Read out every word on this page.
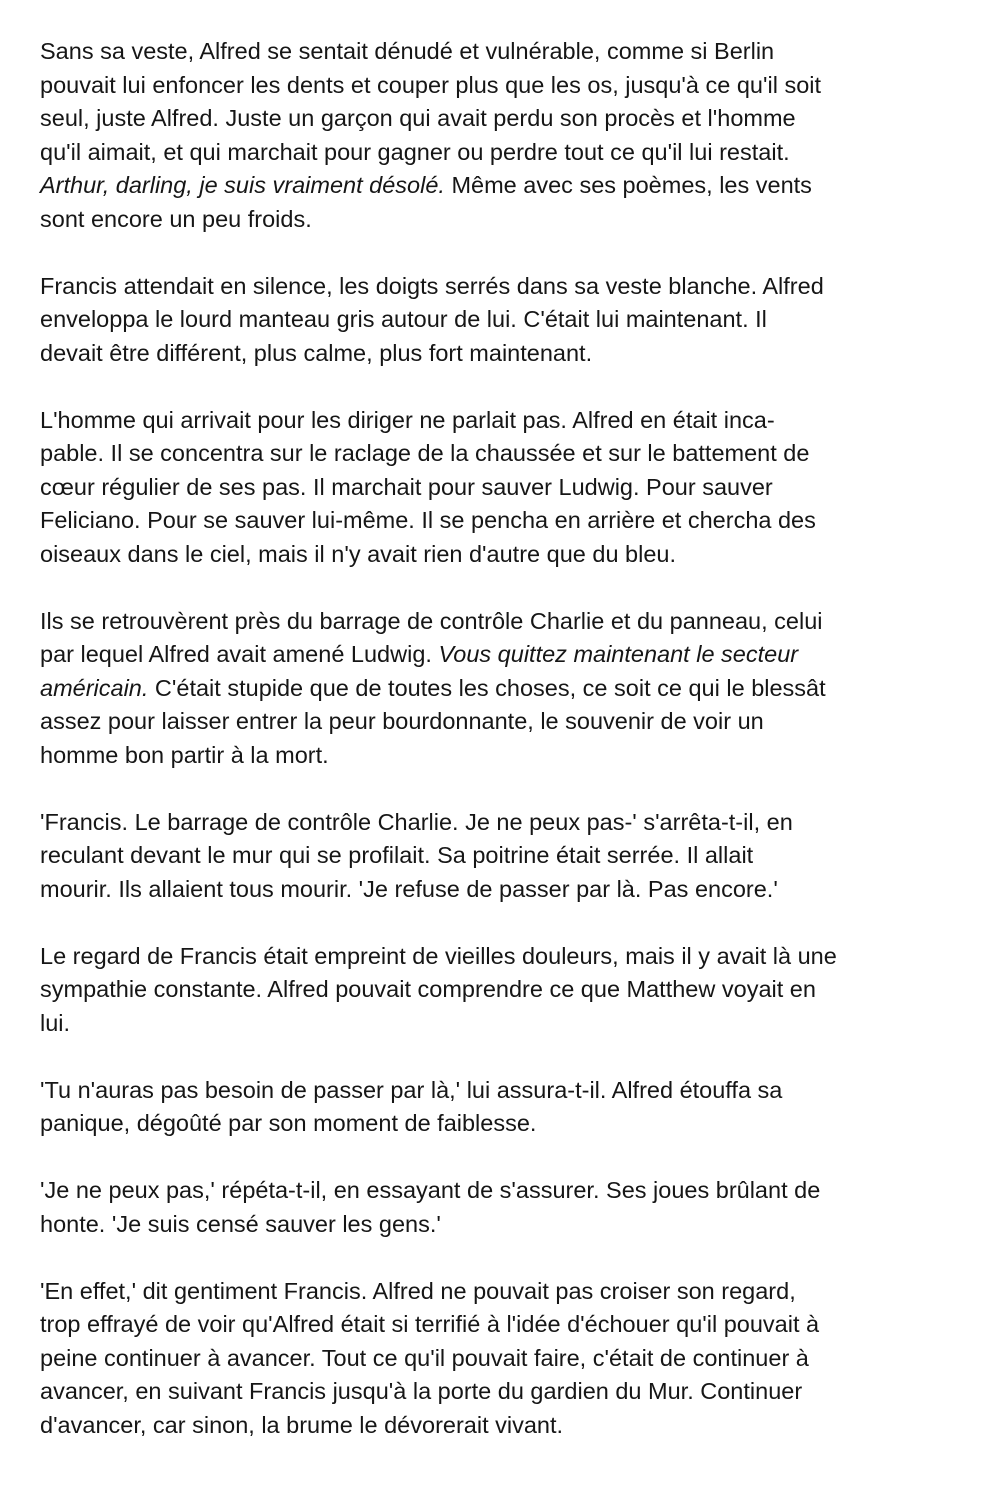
Sans sa veste, Alfred se sentait dénudé et vulnérable, comme si Berlin
pouvait lui enfoncer les dents et couper plus que les os, jusqu'à ce qu'il soit
seul, juste Alfred. Juste un garçon qui avait perdu son procès et l'homme
qu'il aimait, et qui marchait pour gagner ou perdre tout ce qu'il lui restait.
Arthur, darling, je suis vraiment désolé. Même avec ses poèmes, les vents
sont encore un peu froids.
Francis attendait en silence, les doigts serrés dans sa veste blanche. Alfred
enveloppa le lourd manteau gris autour de lui. C'était lui maintenant. Il
devait être différent, plus calme, plus fort maintenant.
L'homme qui arrivait pour les diriger ne parlait pas. Alfred en était inca-
pable. Il se concentra sur le raclage de la chaussée et sur le battement de
cœur régulier de ses pas. Il marchait pour sauver Ludwig. Pour sauver
Feliciano. Pour se sauver lui-même. Il se pencha en arrière et chercha des
oiseaux dans le ciel, mais il n'y avait rien d'autre que du bleu.
Ils se retrouvèrent près du barrage de contrôle Charlie et du panneau, celui
par lequel Alfred avait amené Ludwig. Vous quittez maintenant le secteur
américain. C'était stupide que de toutes les choses, ce soit ce qui le blessât
assez pour laisser entrer la peur bourdonnante, le souvenir de voir un
homme bon partir à la mort.
'Francis. Le barrage de contrôle Charlie. Je ne peux pas-' s'arrêta-t-il, en
reculant devant le mur qui se profilait. Sa poitrine était serrée. Il allait
mourir. Ils allaient tous mourir. 'Je refuse de passer par là. Pas encore.'
Le regard de Francis était empreint de vieilles douleurs, mais il y avait là une
sympathie constante. Alfred pouvait comprendre ce que Matthew voyait en
lui.
'Tu n'auras pas besoin de passer par là,' lui assura-t-il. Alfred étouffa sa
panique, dégoûté par son moment de faiblesse.
'Je ne peux pas,' répéta-t-il, en essayant de s'assurer. Ses joues brûlant de
honte. 'Je suis censé sauver les gens.'
'En effet,' dit gentiment Francis. Alfred ne pouvait pas croiser son regard,
trop effrayé de voir qu'Alfred était si terrifié à l'idée d'échouer qu'il pouvait à
peine continuer à avancer. Tout ce qu'il pouvait faire, c'était de continuer à
avancer, en suivant Francis jusqu'à la porte du gardien du Mur. Continuer
d'avancer, car sinon, la brume le dévorerait vivant.
